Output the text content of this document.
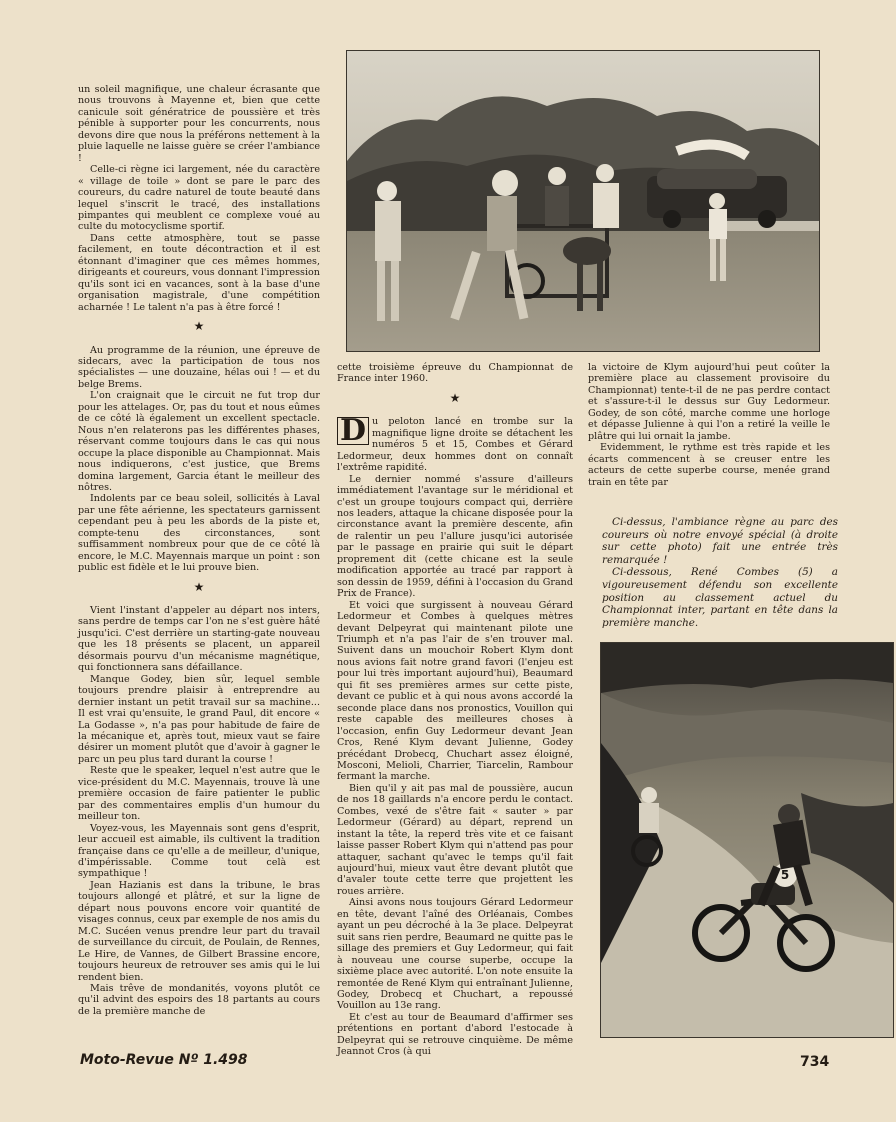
5

un soleil magnifique, une chaleur écrasante que nous trouvons à Mayenne et, bien que cette canicule soit génératrice de poussière et très pénible à supporter pour les concurrents, nous devons dire que nous la préférons nettement à la pluie laquelle ne laisse guère se créer l'ambiance !

Celle-ci règne ici largement, née du caractère « village de toile » dont se pare le parc des coureurs, du cadre naturel de toute beauté dans lequel s'inscrit le tracé, des installations pimpantes qui meublent ce complexe voué au culte du motocyclisme sportif.

Dans cette atmosphère, tout se passe facilement, en toute décontraction et il est étonnant d'imaginer que ces mêmes hommes, dirigeants et coureurs, vous donnant l'impression qu'ils sont ici en vacances, sont à la base d'une organisation magistrale, d'une compétition acharnée ! Le talent n'a pas à être forcé !

★

Au programme de la réunion, une épreuve de sidecars, avec la participation de tous nos spécialistes — une douzaine, hélas oui ! — et du belge Brems.

L'on craignait que le circuit ne fut trop dur pour les attelages. Or, pas du tout et nous eûmes de ce côté là également un excellent spectacle. Nous n'en relaterons pas les différentes phases, réservant comme toujours dans le cas qui nous occupe la place disponible au Championnat. Mais nous indiquerons, c'est justice, que Brems domina largement, Garcia étant le meilleur des nôtres.

Indolents par ce beau soleil, sollicités à Laval par une fête aérienne, les spectateurs garnissent cependant peu à peu les abords de la piste et, compte-tenu des circonstances, sont suffisamment nombreux pour que de ce côté là encore, le M.C. Mayennais marque un point : son public est fidèle et le lui prouve bien.

★

Vient l'instant d'appeler au départ nos inters, sans perdre de temps car l'on ne s'est guère hâté jusqu'ici. C'est derrière un starting-gate nouveau que les 18 présents se placent, un appareil désormais pourvu d'un mécanisme magnétique, qui fonctionnera sans défaillance.

Manque Godey, bien sûr, lequel semble toujours prendre plaisir à entreprendre au dernier instant un petit travail sur sa machine... Il est vrai qu'ensuite, le grand Paul, dit encore « La Godasse », n'a pas pour habitude de faire de la mécanique et, après tout, mieux vaut se faire désirer un moment plutôt que d'avoir à gagner le parc un peu plus tard durant la course !

Reste que le speaker, lequel n'est autre que le vice-président du M.C. Mayennais, trouve là une première occasion de faire patienter le public par des commentaires emplis d'un humour du meilleur ton.

Voyez-vous, les Mayennais sont gens d'esprit, leur accueil est aimable, ils cultivent la tradition française dans ce qu'elle a de meilleur, d'unique, d'impérissable. Comme tout celà est sympathique !

Jean Hazianis est dans la tribune, le bras toujours allongé et plâtré, et sur la ligne de départ nous pouvons encore voir quantité de visages connus, ceux par exemple de nos amis du M.C. Sucéen venus prendre leur part du travail de surveillance du circuit, de Poulain, de Rennes, Le Hire, de Vannes, de Gilbert Brassine encore, toujours heureux de retrouver ses amis qui le lui rendent bien.

Mais trêve de mondanités, voyons plutôt ce qu'il advint des espoirs des 18 partants au cours de la première manche de

cette troisième épreuve du Championnat de France inter 1960.

★

D u peloton lancé en trombe sur la magnifique ligne droite se détachent les numéros 5 et 15, Combes et Gérard Ledormeur, deux hommes dont on connaît l'extrême rapidité.

Le dernier nommé s'assure d'ailleurs immédiatement l'avantage sur le méridional et c'est un groupe toujours compact qui, derrière nos leaders, attaque la chicane disposée pour la circonstance avant la première descente, afin de ralentir un peu l'allure jusqu'ici autorisée par le passage en prairie qui suit le départ proprement dit (cette chicane est la seule modification apportée au tracé par rapport à son dessin de 1959, défini à l'occasion du Grand Prix de France).

Et voici que surgissent à nouveau Gérard Ledormeur et Combes à quelques mètres devant Delpeyrat qui maintenant pilote une Triumph et n'a pas l'air de s'en trouver mal. Suivent dans un mouchoir Robert Klym dont nous avions fait notre grand favori (l'enjeu est pour lui très important aujourd'hui), Beaumard qui fit ses premières armes sur cette piste, devant ce public et à qui nous avons accordé la seconde place dans nos pronostics, Vouillon qui reste capable des meilleures choses à l'occasion, enfin Guy Ledormeur devant Jean Cros, René Klym devant Julienne, Godey précédant Drobecq, Chuchart assez éloigné, Mosconi, Melioli, Charrier, Tiarcelin, Rambour fermant la marche.

Bien qu'il y ait pas mal de poussière, aucun de nos 18 gaillards n'a encore perdu le contact. Combes, vexé de s'être fait « sauter » par Ledormeur (Gérard) au départ, reprend un instant la tête, la reperd très vite et ce faisant laisse passer Robert Klym qui n'attend pas pour attaquer, sachant qu'avec le temps qu'il fait aujourd'hui, mieux vaut être devant plutôt que d'avaler toute cette terre que projettent les roues arrière.

Ainsi avons nous toujours Gérard Ledormeur en tête, devant l'aîné des Orléanais, Combes ayant un peu décroché à la 3e place. Delpeyrat suit sans rien perdre, Beaumard ne quitte pas le sillage des premiers et Guy Ledormeur, qui fait à nouveau une course superbe, occupe la sixième place avec autorité. L'on note ensuite la remontée de René Klym qui entraînant Julienne, Godey, Drobecq et Chuchart, a repoussé Vouillon au 13e rang.

Et c'est au tour de Beaumard d'affirmer ses prétentions en portant d'abord l'estocade à Delpeyrat qui se retrouve cinquième. De même Jeannot Cros (à qui

la victoire de Klym aujourd'hui peut coûter la première place au classement provisoire du Championnat) tente-t-il de ne pas perdre contact et s'assure-t-il le dessus sur Guy Ledormeur. Godey, de son côté, marche comme une horloge et dépasse Julienne à qui l'on a retiré la veille le plâtre qui lui ornait la jambe.

Evidemment, le rythme est très rapide et les écarts commencent à se creuser entre les acteurs de cette superbe course, menée grand train en tête par

Ci-dessus, l'ambiance règne au parc des coureurs où notre envoyé spécial (à droite sur cette photo) fait une entrée très remarquée !

Ci-dessous, René Combes (5) a vigoureusement défendu son excellente position au classement actuel du Championnat inter, partant en tête dans la première manche.

Moto-Revue Nº 1.498	734
